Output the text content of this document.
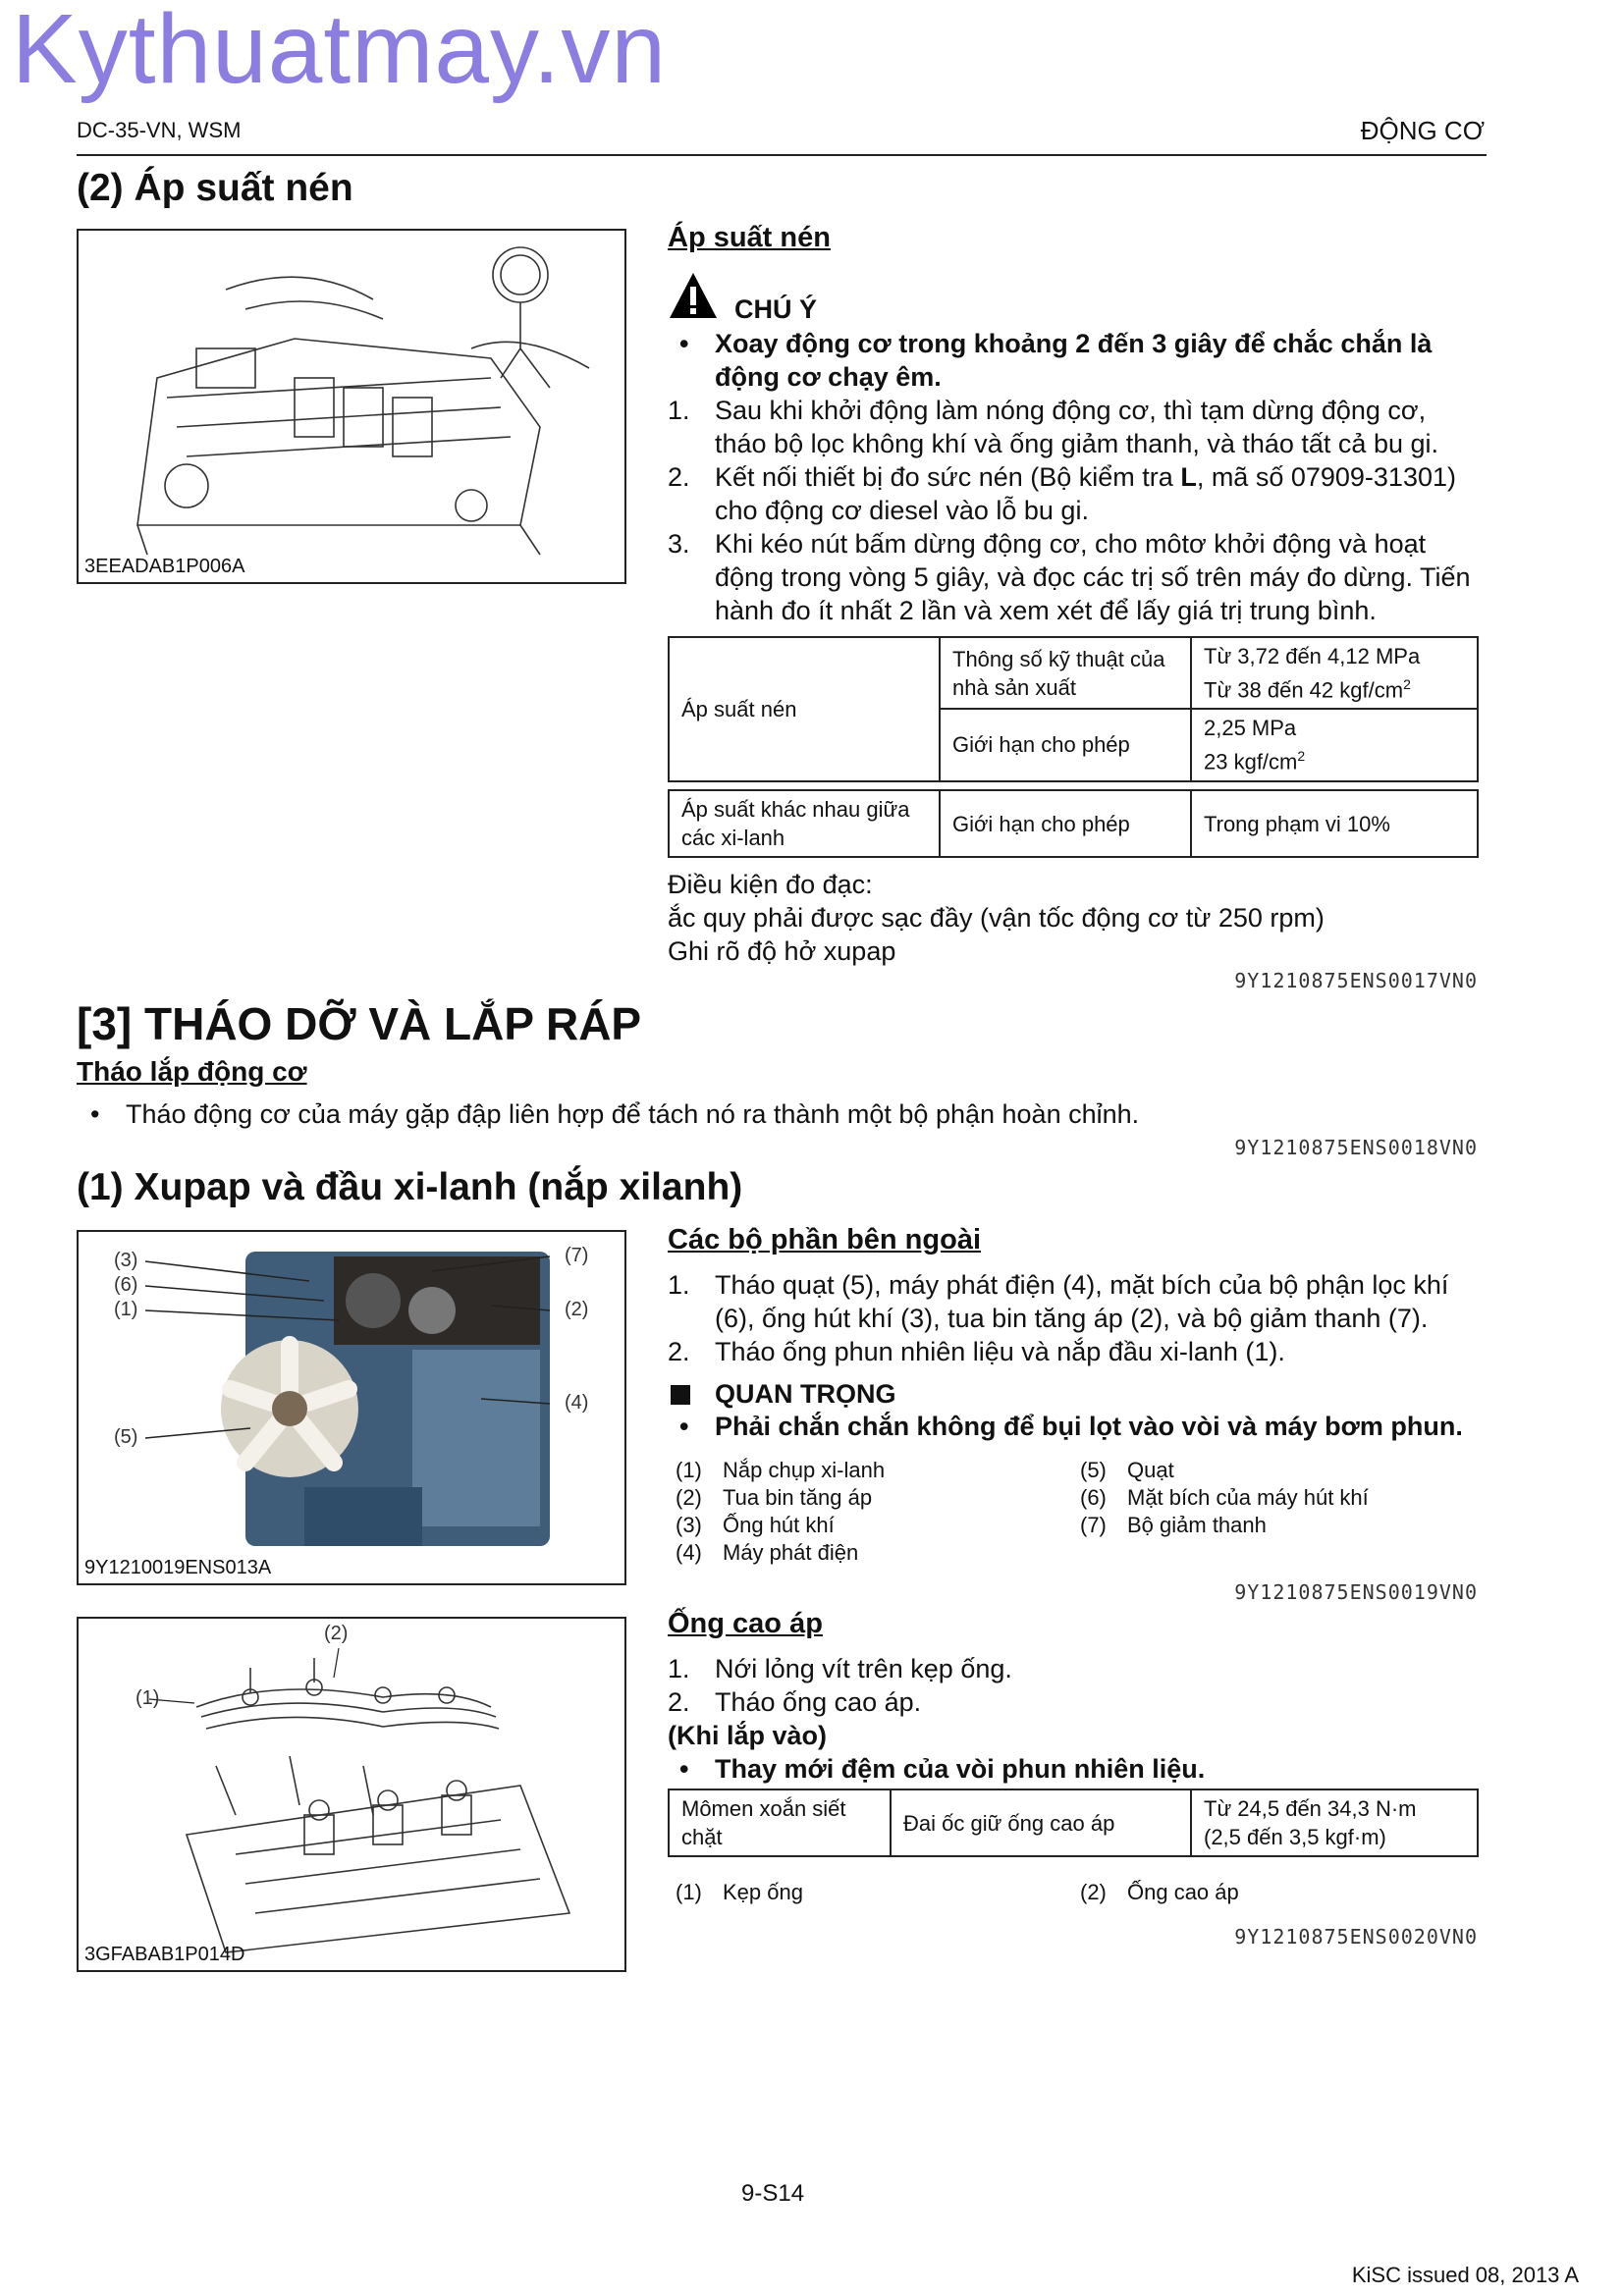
Kythuatmay.vn
DC-35-VN, WSM	ĐỘNG CƠ
(2) Áp suất nén
3EEADAB1P006A
Áp suất nén
CHÚ Ý
• Xoay động cơ trong khoảng 2 đến 3 giây để chắc chắn là động cơ chạy êm.
1. Sau khi khởi động làm nóng động cơ, thì tạm dừng động cơ, tháo bộ lọc không khí và ống giảm thanh, và tháo tất cả bu gi.
2. Kết nối thiết bị đo sức nén (Bộ kiểm tra L, mã số 07909-31301) cho động cơ diesel vào lỗ bu gi.
3. Khi kéo nút bấm dừng động cơ, cho môtơ khởi động và hoạt động trong vòng 5 giây, và đọc các trị số trên máy đo dừng. Tiến hành đo ít nhất 2 lần và xem xét để lấy giá trị trung bình.
Áp suất nén	Thông số kỹ thuật của nhà sản xuất	Từ 3,72 đến 4,12 MPa
Từ 38 đến 42 kgf/$cm^2$
	Giới hạn cho phép	2,25 MPa
23 kgf/$cm^2$
Áp suất khác nhau giữa các xi-lanh	Giới hạn cho phép	Trong phạm vi 10%
Điều kiện đo đạc:
ắc quy phải được sạc đầy (vận tốc động cơ từ 250 rpm)
Ghi rõ độ hở xupap
9Y1210875ENS0017VN0
[3] THÁO DỠ VÀ LẮP RÁP
Tháo lắp động cơ
• Tháo động cơ của máy gặp đập liên hợp để tách nó ra thành một bộ phận hoàn chỉnh.
9Y1210875ENS0018VN0
(1) Xupap và đầu xi-lanh (nắp xilanh)
(3)
(6)
(1)
(5)
(7)
(2)
(4)
9Y1210019ENS013A
Các bộ phần bên ngoài
1. Tháo quạt (5), máy phát điện (4), mặt bích của bộ phận lọc khí (6), ống hút khí (3), tua bin tăng áp (2), và bộ giảm thanh (7).
2. Tháo ống phun nhiên liệu và nắp đầu xi-lanh (1).
QUAN TRỌNG
• Phải chắn chắn không để bụi lọt vào vòi và máy bơm phun.
(1) Nắp chụp xi-lanh
(2) Tua bin tăng áp
(3) Ống hút khí
(4) Máy phát điện
(5) Quạt
(6) Mặt bích của máy hút khí
(7) Bộ giảm thanh
9Y1210875ENS0019VN0
(2)
(1)
3GFABAB1P014D
Ống cao áp
1. Nới lỏng vít trên kẹp ống.
2. Tháo ống cao áp.
(Khi lắp vào)
• Thay mới đệm của vòi phun nhiên liệu.
Mômen xoắn siết chặt	Đai ốc giữ ống cao áp	Từ 24,5 đến 34,3 N·m
(2,5 đến 3,5 kgf·m)
(1) Kẹp ống	(2) Ống cao áp
9Y1210875ENS0020VN0
9-S14
KiSC issued 08, 2013 A
